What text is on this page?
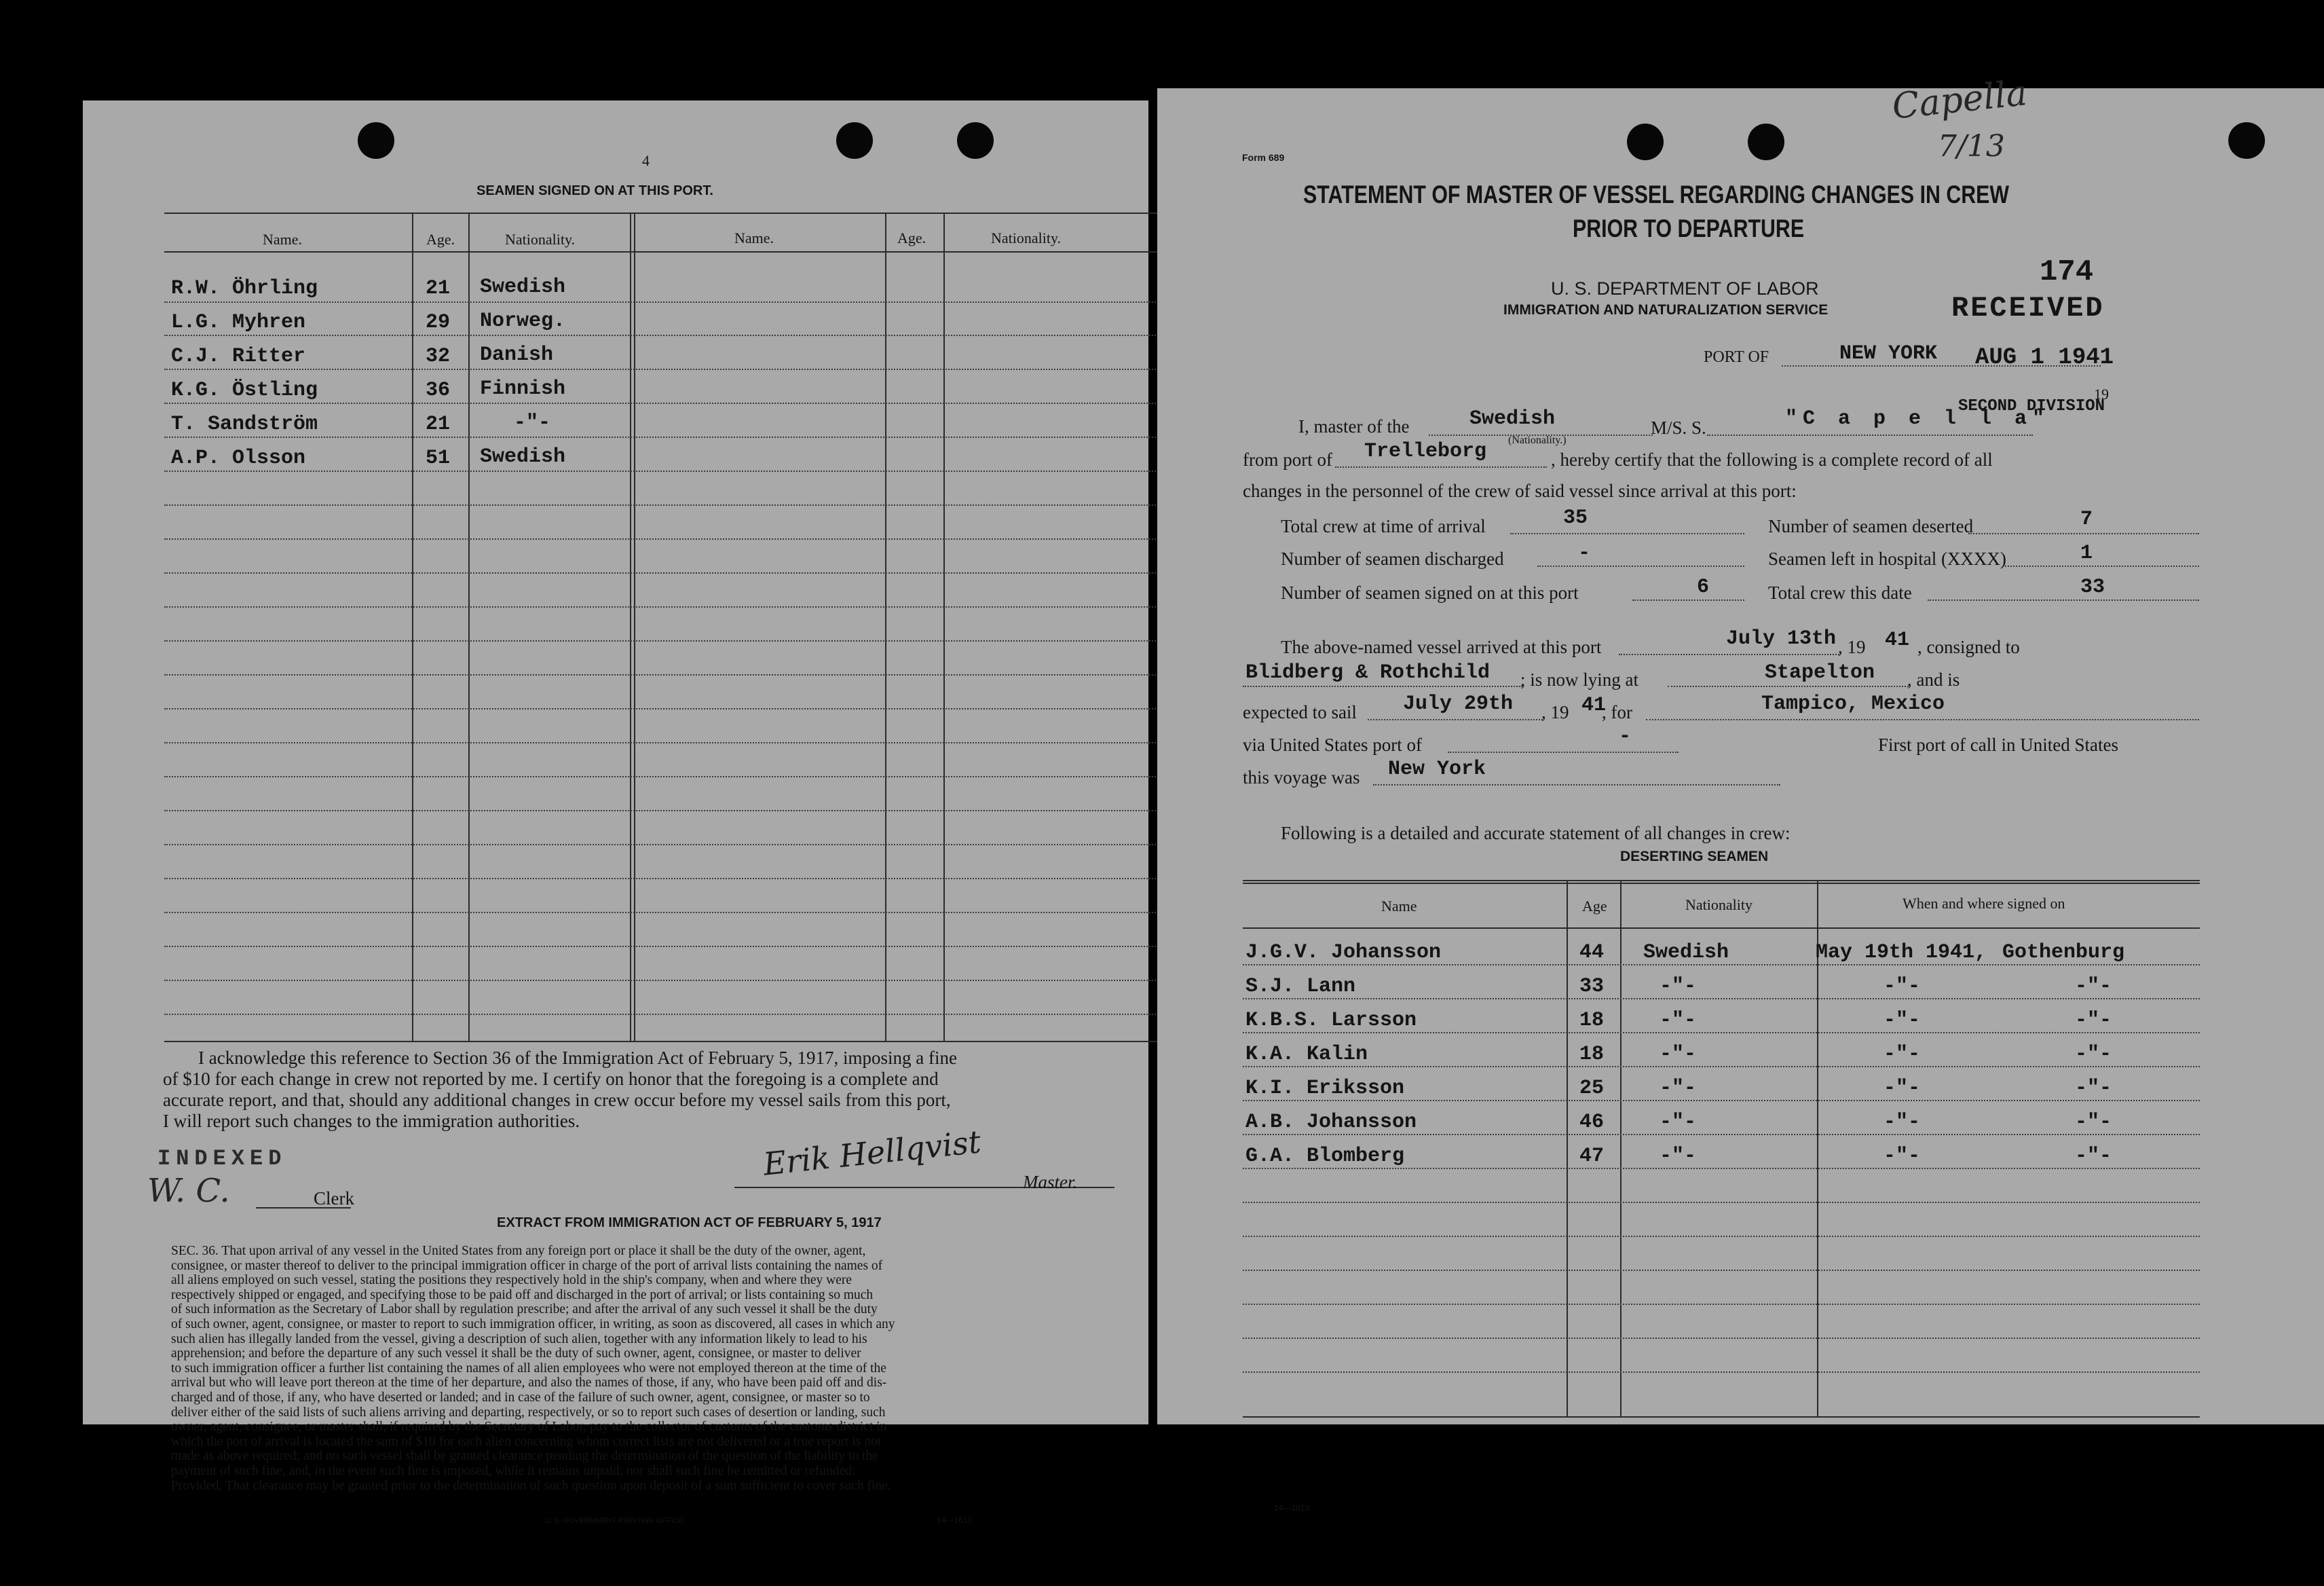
4
SEAMEN SIGNED ON AT THIS PORT.
Name.	Age.	Nationality.	Name.	Age.	Nationality.
R.W. Öhrling	21 Swedish
L.G. Myhren	29 Norweg.
C.J. Ritter	32 Danish
K.G. Östling	36 Finnish
T. Sandström	21	-"-
A.P. Olsson	51 Swedish
I acknowledge this reference to Section 36 of the Immigration Act of February 5, 1917, imposing a fine
of $10 for each change in crew not reported by me. I certify on honor that the foregoing is a complete and
accurate report, and that, should any additional changes in crew occur before my vessel sails from this port,
I will report such changes to the immigration authorities.
INDEXED
W. C.	Clerk
Erik Hellqvist Master.
EXTRACT FROM IMMIGRATION ACT OF FEBRUARY 5, 1917
SEC. 36. That upon arrival of any vessel in the United States from any foreign port or place it shall be the duty of the owner, agent,
consignee, or master thereof to deliver to the principal immigration officer in charge of the port of arrival lists containing the names of
all aliens employed on such vessel, stating the positions they respectively hold in the ship's company, when and where they were
respectively shipped or engaged, and specifying those to be paid off and discharged in the port of arrival; or lists containing so much
of such information as the Secretary of Labor shall by regulation prescribe; and after the arrival of any such vessel it shall be the duty
of such owner, agent, consignee, or master to report to such immigration officer, in writing, as soon as discovered, all cases in which any
such alien has illegally landed from the vessel, giving a description of such alien, together with any information likely to lead to his
apprehension; and before the departure of any such vessel it shall be the duty of such owner, agent, consignee, or master to deliver
to such immigration officer a further list containing the names of all alien employees who were not employed thereon at the time of the
arrival but who will leave port thereon at the time of her departure, and also the names of those, if any, who have been paid off and dis-
charged and of those, if any, who have deserted or landed; and in case of the failure of such owner, agent, consignee, or master so to
deliver either of the said lists of such aliens arriving and departing, respectively, or so to report such cases of desertion or landing, such
owner, agent, consignee, or master shall, if required by the Secretary of Labor, pay to the collector of customs of the customs district in
which the port of arrival is located the sum of $10 for each alien concerning whom correct lists are not delivered or a true report is not
made as above required; and no such vessel shall be granted clearance pending the determination of the question of the liability to the
payment of such fine, and, in the event such fine is imposed, while it remains unpaid; nor shall such fine be remitted or refunded:
Provided, That clearance may be granted prior to the determination of such question upon deposit of a sum sufficient to cover such fine.
U. S. GOVERNMENT PRINTING OFFICE	14—1613
Capella
7/13
Form 689
STATEMENT OF MASTER OF VESSEL REGARDING CHANGES IN CREW
PRIOR TO DEPARTURE
U. S. DEPARTMENT OF LABOR
IMMIGRATION AND NATURALIZATION SERVICE
174
RECEIVED
PORT OF	NEW YORK AUG 1 1941
I, master of the	Swedish
(Nationality.)
M/S. S.	"C a p e l l a"
SECOND DIVISION
19
from port of Trelleborg	, hereby certify that the following is a complete record of all
changes in the personnel of the crew of said vessel since arrival at this port:
Total crew at time of arrival	35
Number of seamen discharged	-
Number of seamen signed on at this port	6
Number of seamen deserted	7
Seamen left in hospital (XXXX)	1
Total crew this date	33
The above-named vessel arrived at this port	July 13th , 19 41 , consigned to
Blidberg & Rothchild ; is now lying at	Stapelton , and is
expected to sail July 29th , 19 41
, for	Tampico, Mexico
via United States port of	-	First port of call in United States
this voyage was New York
Following is a detailed and accurate statement of all changes in crew:
DESERTING SEAMEN
Name	Age	Nationality	When and where signed on
J.G.V. Johansson	44 Swedish	May 19th 1941, Gothenburg
S.J. Lann	33	-"-	-"-	-"-
K.B.S. Larsson	18	-"-	-"-	-"-
K.A. Kalin	18	-"-	-"-	-"-
K.I. Eriksson	25	-"-	-"-	-"-
A.B. Johansson	46	-"-	-"-	-"-
G.A. Blomberg	47	-"-	-"-	-"-
14—1613
